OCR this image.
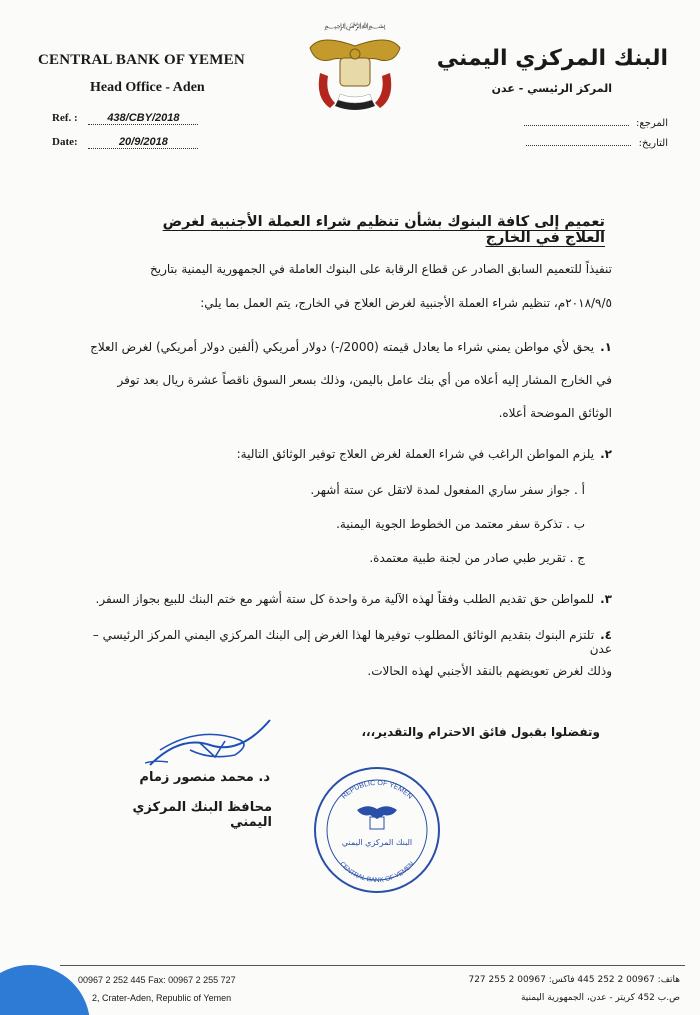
CENTRAL BANK OF YEMEN
Head Office - Aden
Ref. :	438/CBY/2018
Date:	20/9/2018
﷽
البنك المركزي اليمني
المركز الرئيسي - عدن
المرجع:
التاريخ:
تعميم إلى كافة البنوك بشأن تنظيم شراء العملة الأجنبية لغرض العلاج في الخارج
تنفيذاً للتعميم السابق الصادر عن قطاع الرقابة على البنوك العاملة في الجمهورية اليمنية بتاريخ
٢٠١٨/٩/٥م، تنظيم شراء العملة الأجنبية لغرض العلاج في الخارج، يتم العمل بما يلي:
١.يحق لأي مواطن يمني شراء ما يعادل قيمته (2000/-) دولار أمريكي (ألفين دولار أمريكي) لغرض العلاج
في الخارج المشار إليه أعلاه من أي بنك عامل باليمن، وذلك بسعر السوق ناقصاً عشرة ريال بعد توفر
الوثائق الموضحة أعلاه.
٢.يلزم المواطن الراغب في شراء العملة لغرض العلاج توفير الوثائق التالية:
أ . جواز سفر ساري المفعول لمدة لاتقل عن ستة أشهر.
ب . تذكرة سفر معتمد من الخطوط الجوية اليمنية.
ج . تقرير طبي صادر من لجنة طبية معتمدة.
٣.للمواطن حق تقديم الطلب وفقاً لهذه الآلية مرة واحدة كل ستة أشهر مع ختم البنك للبيع بجواز السفر.
٤.تلتزم البنوك بتقديم الوثائق المطلوب توفيرها لهذا الغرض إلى البنك المركزي اليمني المركز الرئيسي – عدن
وذلك لغرض تعويضهم بالنقد الأجنبي لهذه الحالات.
وتفضلوا بقبول فائق الاحترام والتقدير،،،
د. محمد منصور زمام
محافظ البنك المركزي اليمني
REPUBLIC OF YEMEN
CENTRAL BANK OF YEMEN
البنك المركزي اليمني
00967 2 252 445 Fax: 00967 2 255 727
2, Crater-Aden, Republic of Yemen
هاتف: 00967 2 252 445 فاكس: 00967 2 255 727
ص.ب 452 كريتر - عدن، الجمهورية اليمنية
